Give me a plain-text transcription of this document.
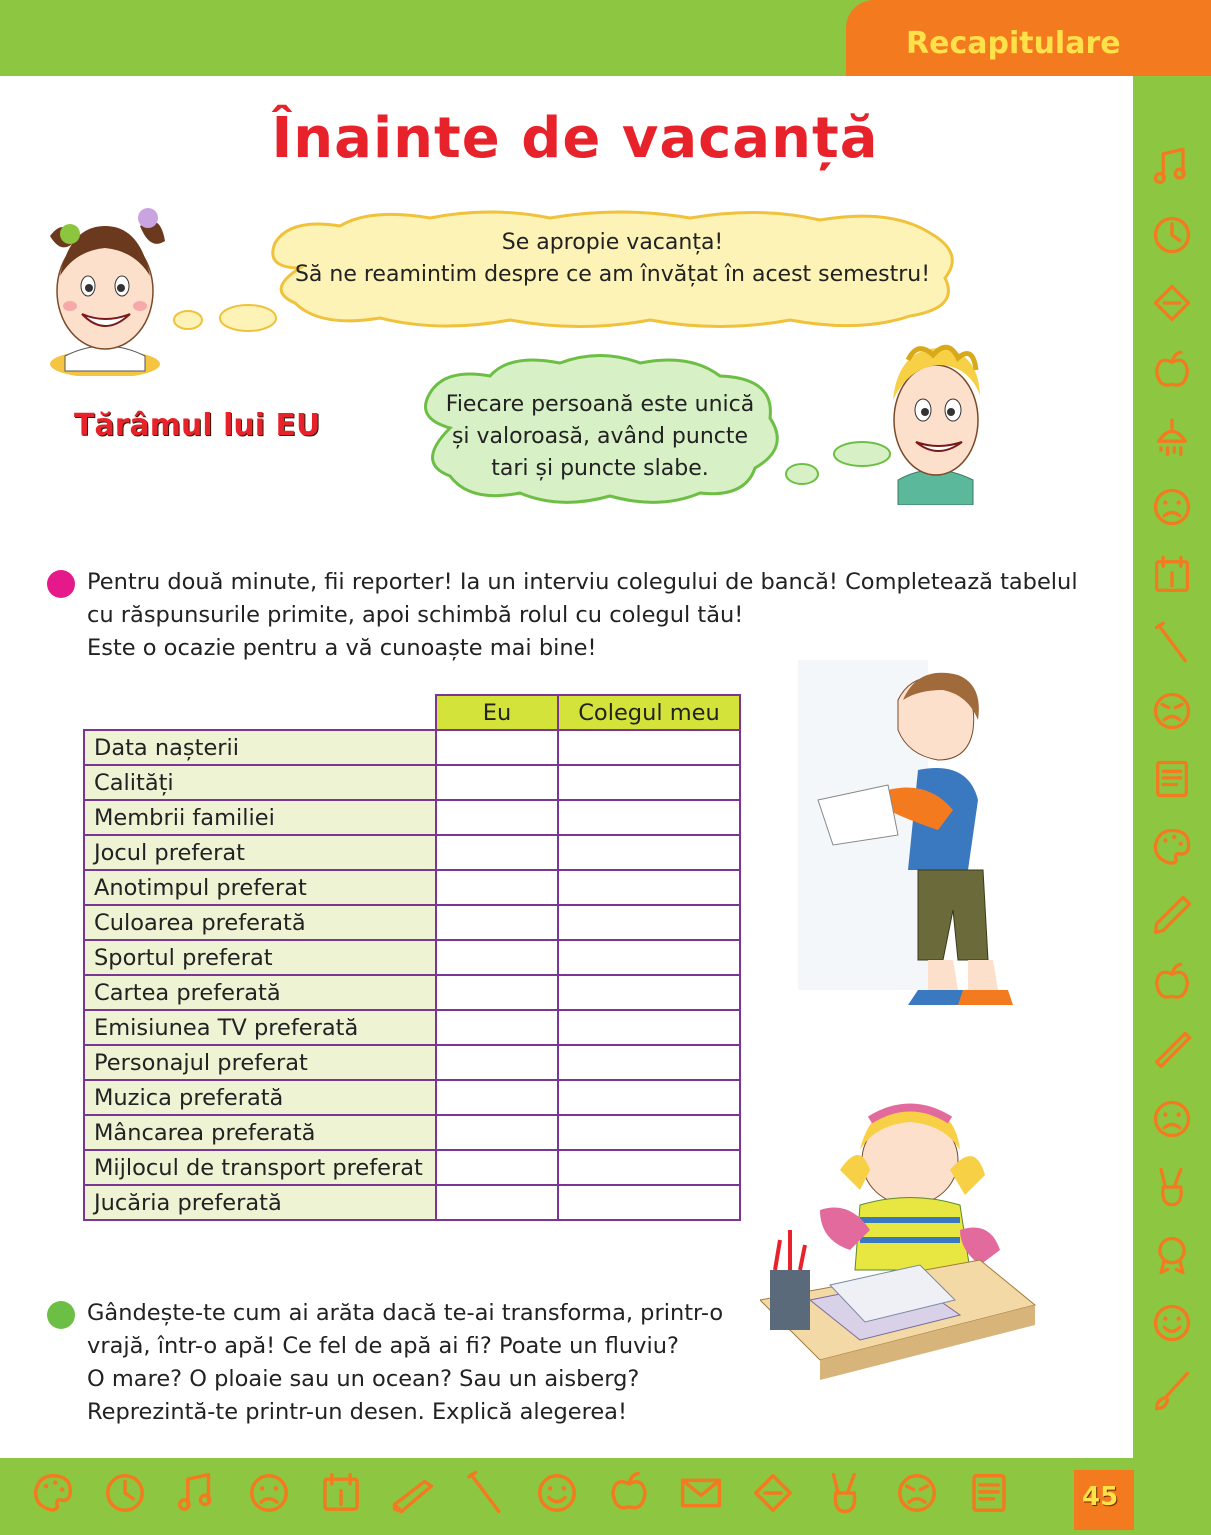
Recapitulare
Înainte de vacanță
Se apropie vacanța!
Să ne reamintim despre ce am învățat în acest semestru!
Tărâmul lui EU
Fiecare persoană este unică
și valoroasă, având puncte
tari și puncte slabe.
Pentru două minute, fii reporter! Ia un interviu colegului de bancă! Completează tabelul
cu răspunsurile primite, apoi schimbă rolul cu colegul tău!
Este o ocazie pentru a vă cunoaște mai bine!
	Eu	Colegul meu
Data nașterii		
Calități		
Membrii familiei		
Jocul preferat		
Anotimpul preferat		
Culoarea preferată		
Sportul preferat		
Cartea preferată		
Emisiunea TV preferată		
Personajul preferat		
Muzica preferată		
Mâncarea preferată		
Mijlocul de transport preferat		
Jucăria preferată		
Gândește-te cum ai arăta dacă te-ai transforma, printr-o
vrajă, într-o apă! Ce fel de apă ai fi? Poate un fluviu?
O mare? O ploaie sau un ocean? Sau un aisberg?
Reprezintă-te printr-un desen. Explică alegerea!
45
